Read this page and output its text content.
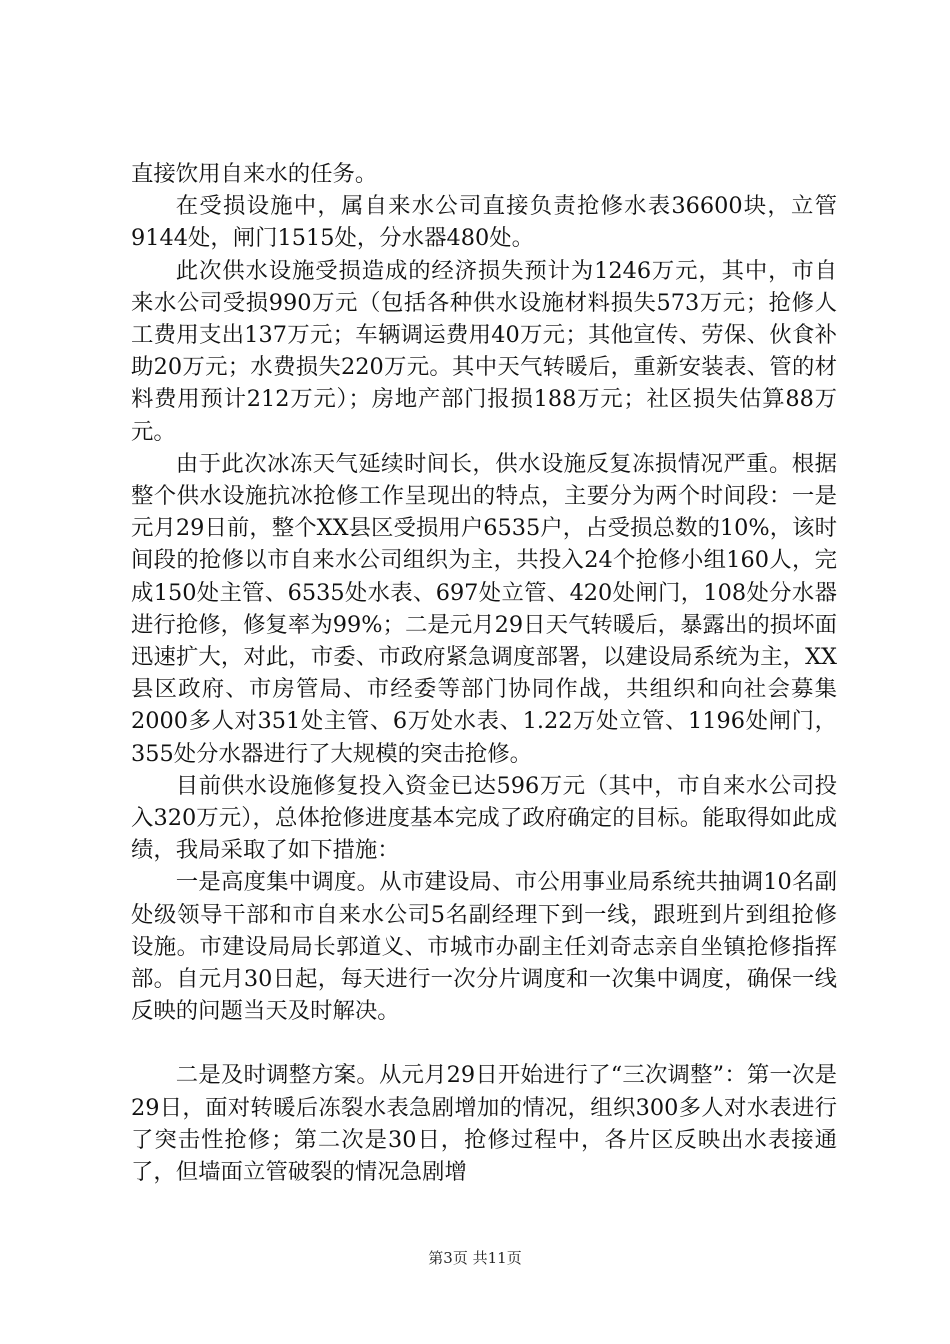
直接饮用自来水的任务。

在受损设施中，属自来水公司直接负责抢修水表36600块，立管9144处，闸门1515处，分水器480处。

此次供水设施受损造成的经济损失预计为1246万元，其中，市自来水公司受损990万元（包括各种供水设施材料损失573万元；抢修人工费用支出137万元；车辆调运费用40万元；其他宣传、劳保、伙食补助20万元；水费损失220万元。其中天气转暖后，重新安装表、管的材料费用预计212万元）；房地产部门报损188万元；社区损失估算88万元。

由于此次冰冻天气延续时间长，供水设施反复冻损情况严重。根据整个供水设施抗冰抢修工作呈现出的特点，主要分为两个时间段：一是元月29日前，整个XX县区受损用户6535户，占受损总数的10%，该时间段的抢修以市自来水公司组织为主，共投入24个抢修小组160人，完成150处主管、6535处水表、697处立管、420处闸门，108处分水器进行抢修，修复率为99%；二是元月29日天气转暖后，暴露出的损坏面迅速扩大，对此，市委、市政府紧急调度部署，以建设局系统为主，XX县区政府、市房管局、市经委等部门协同作战，共组织和向社会募集2000多人对351处主管、6万处水表、1.22万处立管、1196处闸门，355处分水器进行了大规模的突击抢修。

目前供水设施修复投入资金已达596万元（其中，市自来水公司投入320万元），总体抢修进度基本完成了政府确定的目标。能取得如此成绩，我局采取了如下措施：

一是高度集中调度。从市建设局、市公用事业局系统共抽调10名副处级领导干部和市自来水公司5名副经理下到一线，跟班到片到组抢修设施。市建设局局长郭道义、市城市办副主任刘奇志亲自坐镇抢修指挥部。自元月30日起，每天进行一次分片调度和一次集中调度，确保一线反映的问题当天及时解决。

二是及时调整方案。从元月29日开始进行了“三次调整”：第一次是29日，面对转暖后冻裂水表急剧增加的情况，组织300多人对水表进行了突击性抢修；第二次是30日，抢修过程中，各片区反映出水表接通了，但墙面立管破裂的情况急剧增

第3页 共11页
